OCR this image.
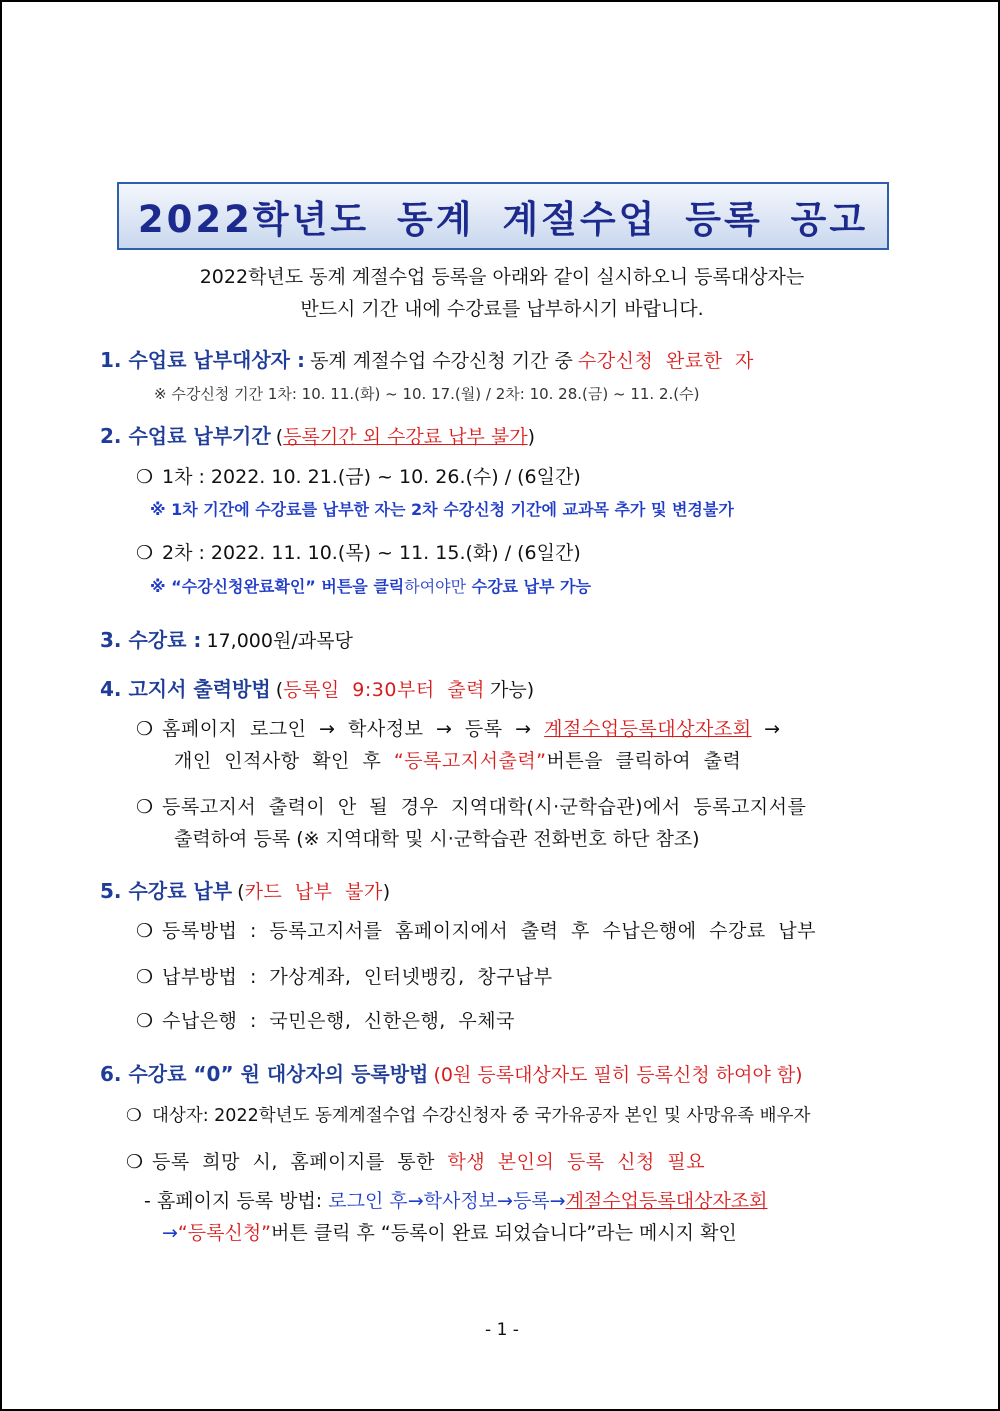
2022학년도 동계 계절수업 등록 공고
2022학년도 동계 계절수업 등록을 아래와 같이 실시하오니 등록대상자는
반드시 기간 내에 수강료를 납부하시기 바랍니다.
1. 수업료 납부대상자 : 동계 계절수업 수강신청 기간 중 수강신청 완료한 자
※ 수강신청 기간 1차: 10. 11.(화) ~ 10. 17.(월) / 2차: 10. 28.(금) ~ 11. 2.(수)
2. 수업료 납부기간 (등록기간 외 수강료 납부 불가)
❍ 1차 : 2022. 10. 21.(금) ~ 10. 26.(수) / (6일간)
※ 1차 기간에 수강료를 납부한 자는 2차 수강신청 기간에 교과목 추가 및 변경불가
❍ 2차 : 2022. 11. 10.(목) ~ 11. 15.(화) / (6일간)
※ “수강신청완료확인” 버튼을 클릭하여야만 수강료 납부 가능
3. 수강료 : 17,000원/과목당
4. 고지서 출력방법 (등록일 9:30부터 출력 가능)
❍ 홈페이지 로그인 → 학사정보 → 등록 → 계절수업등록대상자조회 →
개인 인적사항 확인 후 “등록고지서출력”버튼을 클릭하여 출력
❍ 등록고지서 출력이 안 될 경우 지역대학(시·군학습관)에서 등록고지서를
출력하여 등록 (※ 지역대학 및 시·군학습관 전화번호 하단 참조)
5. 수강료 납부 (카드 납부 불가)
❍ 등록방법 : 등록고지서를 홈페이지에서 출력 후 수납은행에 수강료 납부
❍ 납부방법 : 가상계좌, 인터넷뱅킹, 창구납부
❍ 수납은행 : 국민은행, 신한은행, 우체국
6. 수강료 “0” 원 대상자의 등록방법 (0원 등록대상자도 필히 등록신청 하여야 함)
❍ 대상자: 2022학년도 동계계절수업 수강신청자 중 국가유공자 본인 및 사망유족 배우자
❍ 등록 희망 시, 홈페이지를 통한 학생 본인의 등록 신청 필요
- 홈페이지 등록 방법: 로그인 후→학사정보→등록→계절수업등록대상자조회
→“등록신청”버튼 클릭 후 “등록이 완료 되었습니다”라는 메시지 확인
- 1 -
